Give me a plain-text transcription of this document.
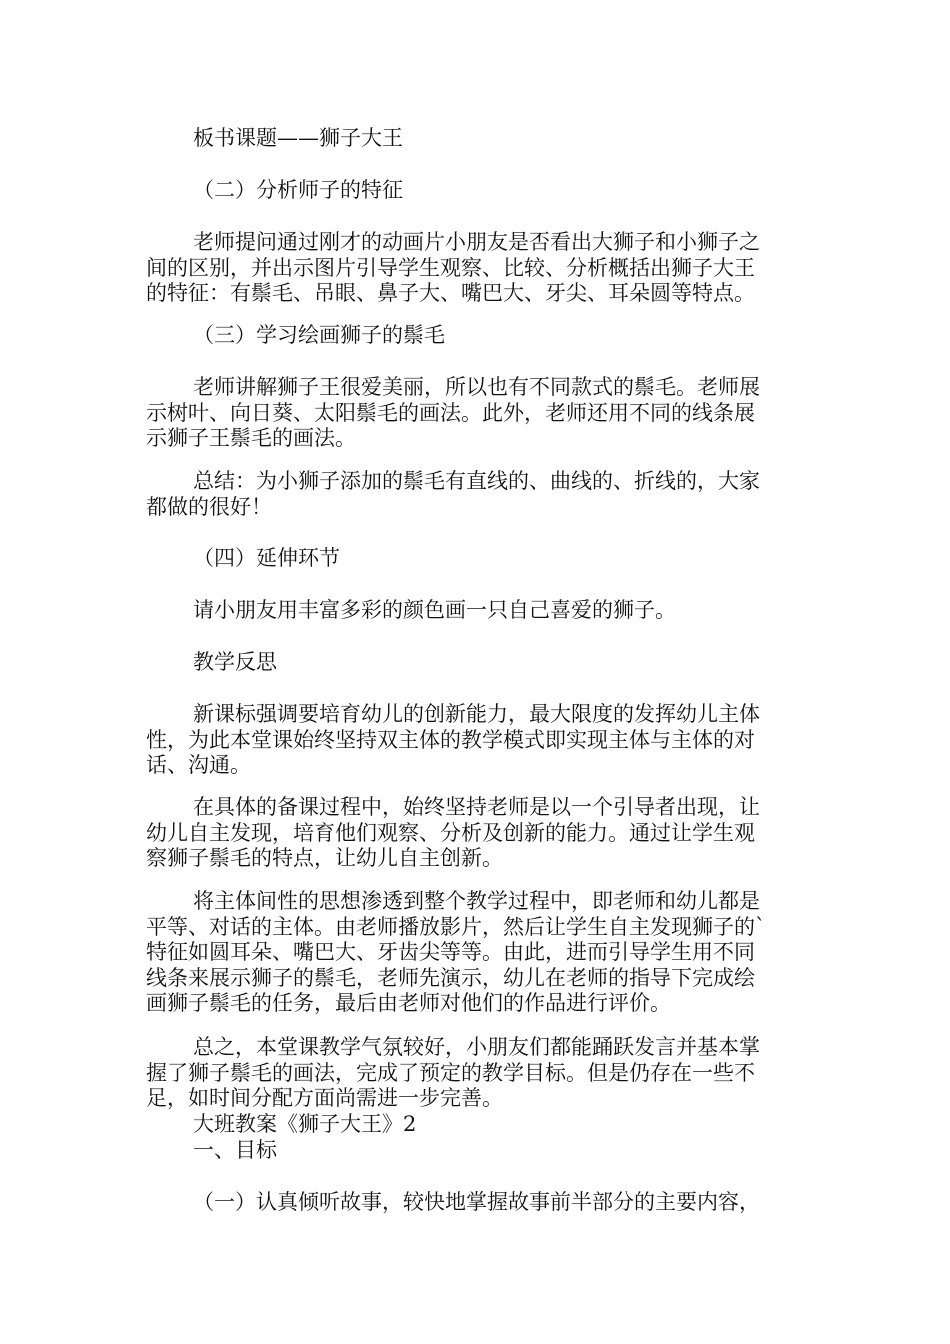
板书课题——狮子大王

（二）分析师子的特征

老师提问通过刚才的动画片小朋友是否看出大狮子和小狮子之
间的区别，并出示图片引导学生观察、比较、分析概括出狮子大王
的特征：有鬃毛、吊眼、鼻子大、嘴巴大、牙尖、耳朵圆等特点。

（三）学习绘画狮子的鬃毛

老师讲解狮子王很爱美丽，所以也有不同款式的鬃毛。老师展
示树叶、向日葵、太阳鬃毛的画法。此外，老师还用不同的线条展
示狮子王鬃毛的画法。

总结：为小狮子添加的鬃毛有直线的、曲线的、折线的，大家
都做的很好！

（四）延伸环节

请小朋友用丰富多彩的颜色画一只自己喜爱的狮子。

教学反思

新课标强调要培育幼儿的创新能力，最大限度的发挥幼儿主体
性，为此本堂课始终坚持双主体的教学模式即实现主体与主体的对
话、沟通。

在具体的备课过程中，始终坚持老师是以一个引导者出现，让
幼儿自主发现，培育他们观察、分析及创新的能力。通过让学生观
察狮子鬃毛的特点，让幼儿自主创新。

将主体间性的思想渗透到整个教学过程中，即老师和幼儿都是
平等、对话的主体。由老师播放影片，然后让学生自主发现狮子的`
特征如圆耳朵、嘴巴大、牙齿尖等等。由此，进而引导学生用不同
线条来展示狮子的鬃毛，老师先演示，幼儿在老师的指导下完成绘
画狮子鬃毛的任务，最后由老师对他们的作品进行评价。

总之，本堂课教学气氛较好，小朋友们都能踊跃发言并基本掌
握了狮子鬃毛的画法，完成了预定的教学目标。但是仍存在一些不
足，如时间分配方面尚需进一步完善。

大班教案《狮子大王》2

一、目标

（一）认真倾听故事，较快地掌握故事前半部分的主要内容，
